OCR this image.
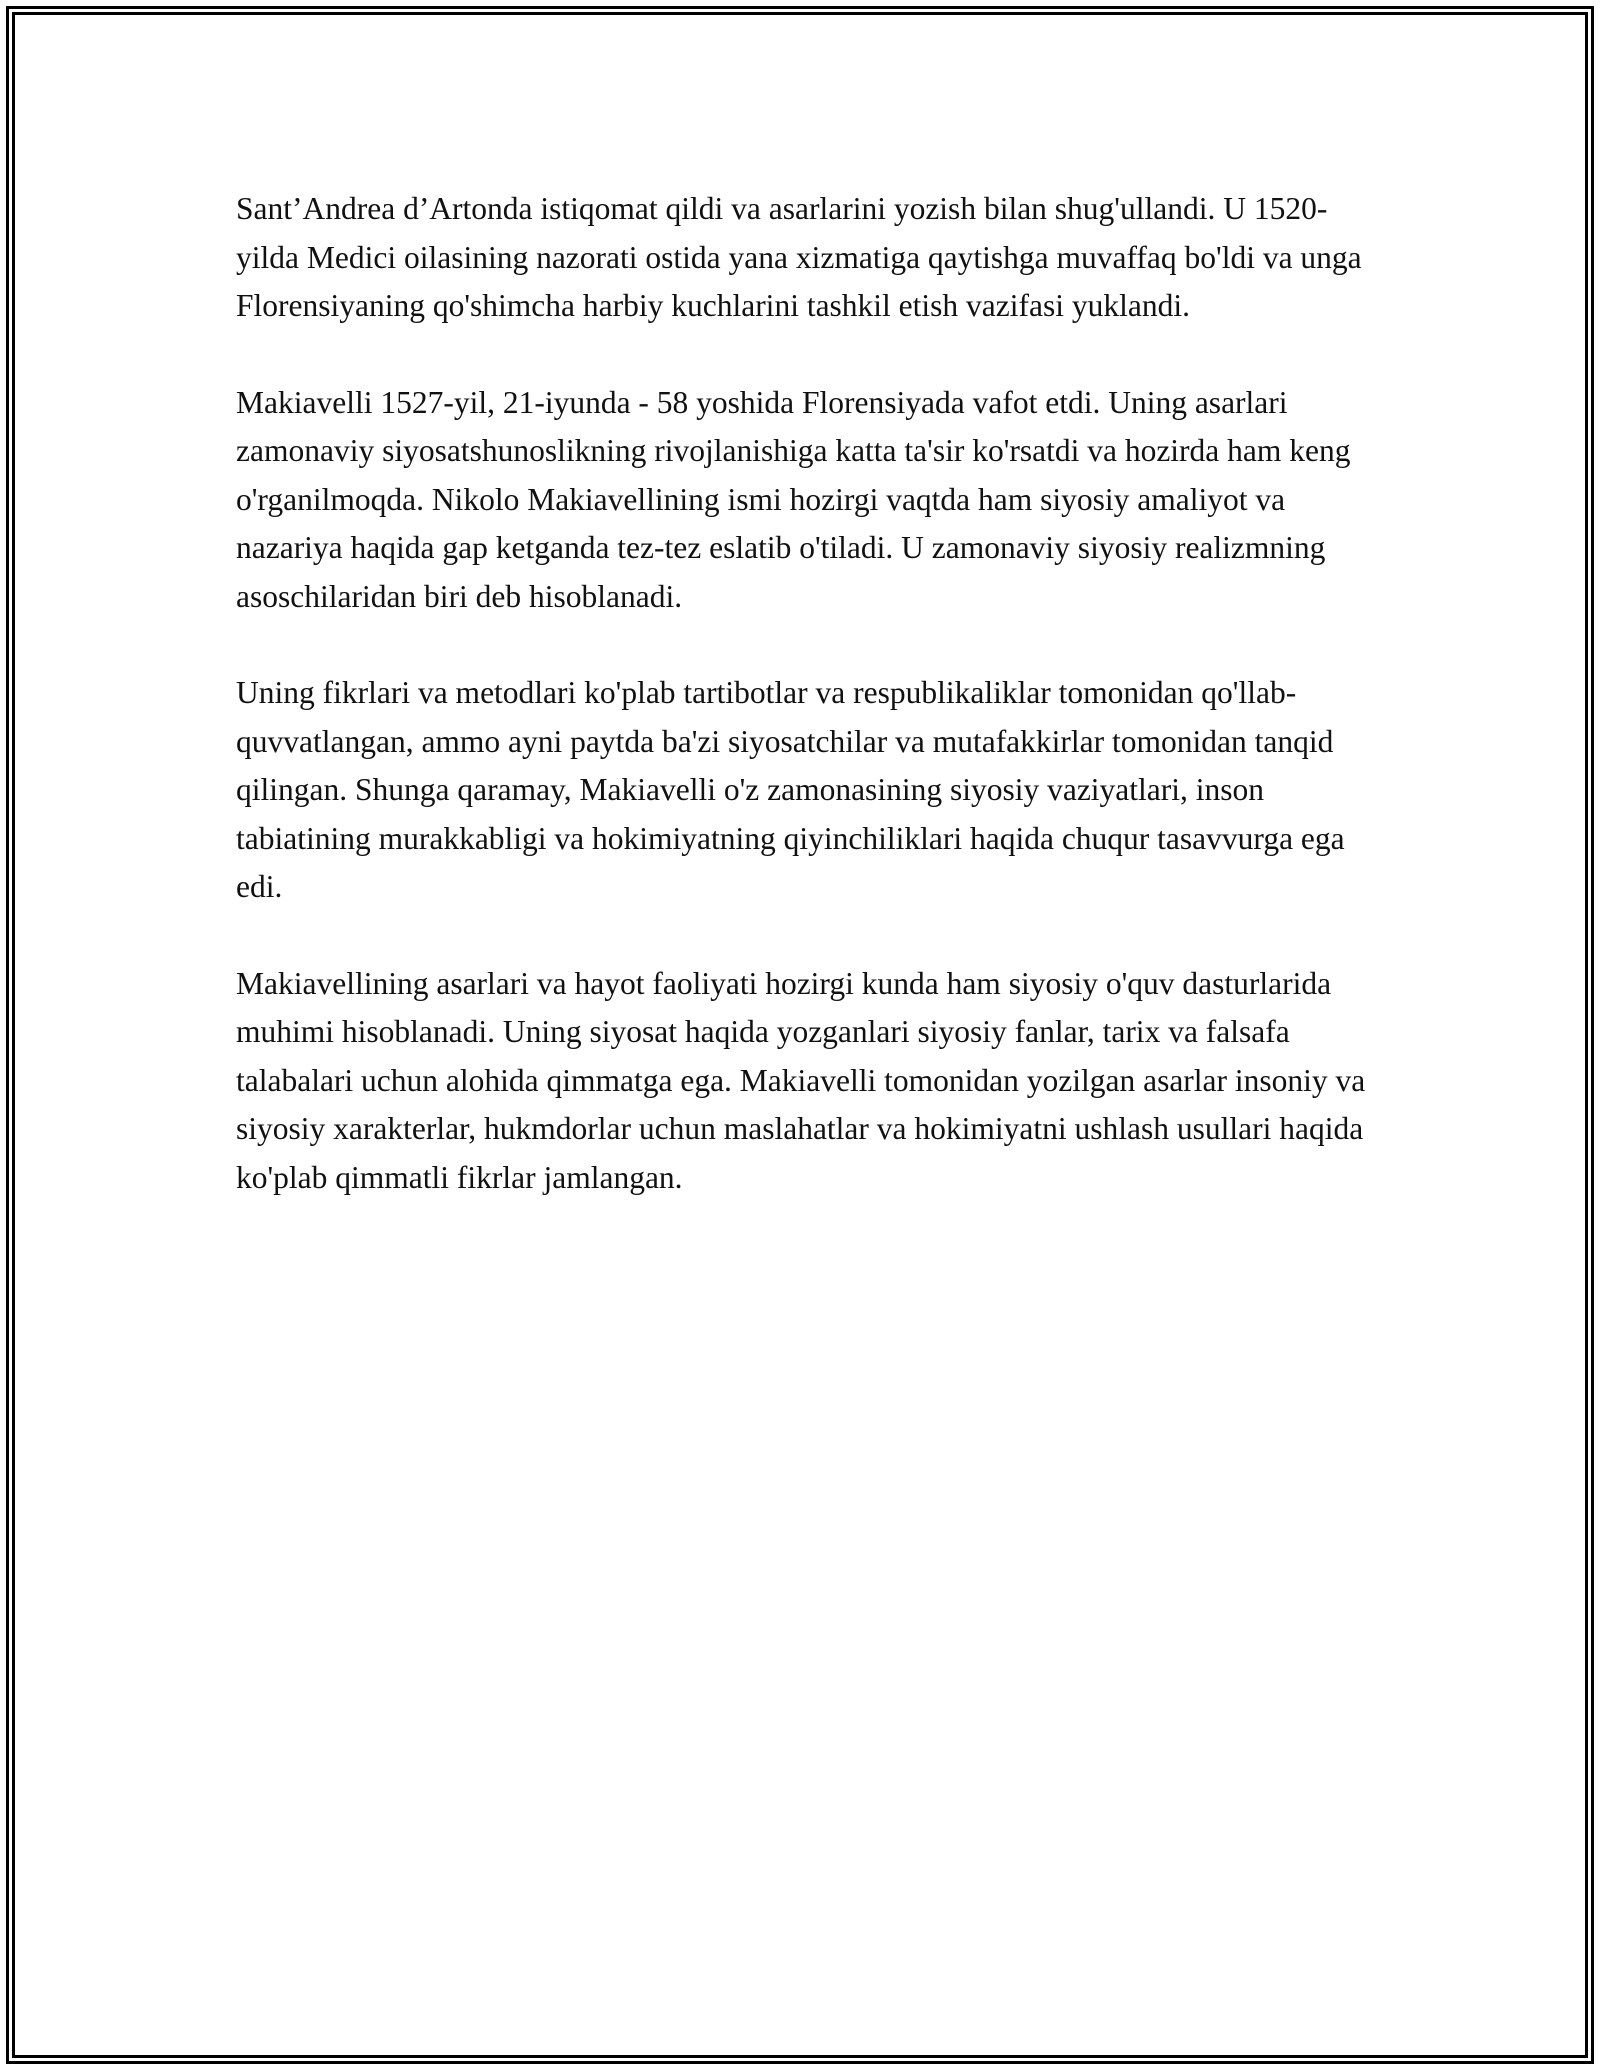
Sant’Andrea d’Artonda istiqomat qildi va asarlarini yozish bilan shug'ullandi. U 1520-yilda Medici oilasining nazorati ostida yana xizmatiga qaytishga muvaffaq bo'ldi va unga Florensiyaning qo'shimcha harbiy kuchlarini tashkil etish vazifasi yuklandi.

Makiavelli 1527-yil, 21-iyunda - 58 yoshida Florensiyada vafot etdi. Uning asarlari zamonaviy siyosatshunoslikning rivojlanishiga katta ta'sir ko'rsatdi va hozirda ham keng o'rganilmoqda. Nikolo Makiavellining ismi hozirgi vaqtda ham siyosiy amaliyot va nazariya haqida gap ketganda tez-tez eslatib o'tiladi. U zamonaviy siyosiy realizmning asoschilaridan biri deb hisoblanadi.

Uning fikrlari va metodlari ko'plab tartibotlar va respublikaliklar tomonidan qo'llab-quvvatlangan, ammo ayni paytda ba'zi siyosatchilar va mutafakkirlar tomonidan tanqid qilingan. Shunga qaramay, Makiavelli o'z zamonasining siyosiy vaziyatlari, inson tabiatining murakkabligi va hokimiyatning qiyinchiliklari haqida chuqur tasavvurga ega edi.

Makiavellining asarlari va hayot faoliyati hozirgi kunda ham siyosiy o'quv dasturlarida muhimi hisoblanadi. Uning siyosat haqida yozganlari siyosiy fanlar, tarix va falsafa talabalari uchun alohida qimmatga ega. Makiavelli tomonidan yozilgan asarlar insoniy va siyosiy xarakterlar, hukmdorlar uchun maslahatlar va hokimiyatni ushlash usullari haqida ko'plab qimmatli fikrlar jamlangan.
